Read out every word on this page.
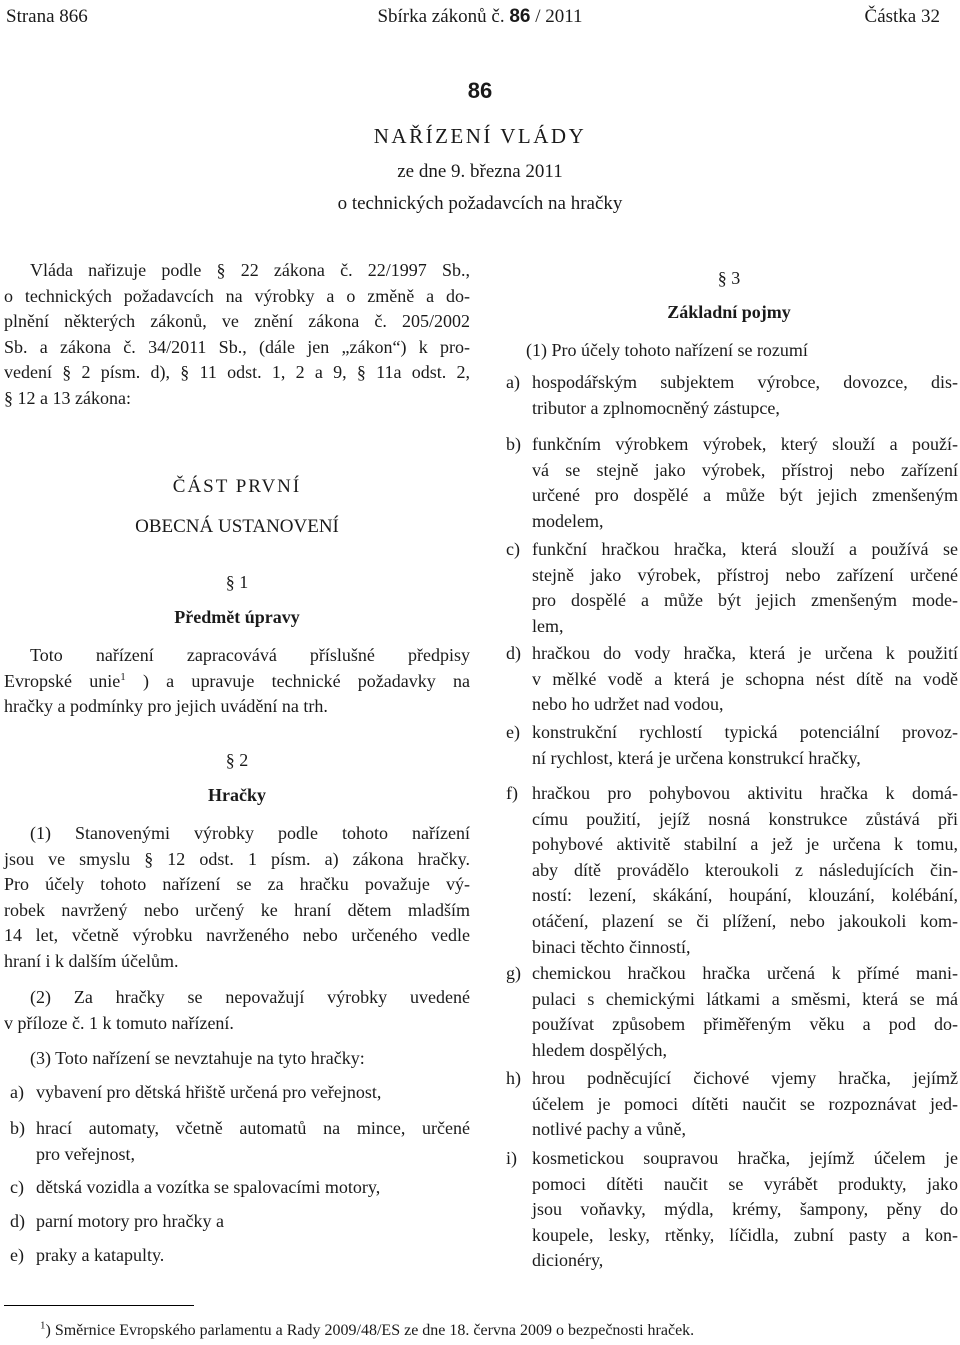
Strana 866	Sbírka zákonů č. 86 / 2011	Částka 32
86
NAŘÍZENÍ VLÁDY
ze dne 9. března 2011
o technických požadavcích na hračky

Vláda nařizuje podle § 22 zákona č. 22/1997 Sb.,
o technických požadavcích na výrobky a o změně a do-
plnění některých zákonů, ve znění zákona č. 205/2002
Sb. a zákona č. 34/2011 Sb., (dále jen „zákon“) k pro-
vedení § 2 písm. d), § 11 odst. 1, 2 a 9, § 11a odst. 2,
§ 12 a 13 zákona:

ČÁST PRVNÍ
OBECNÁ USTANOVENÍ
§ 1
Předmět úpravy

Toto nařízení zapracovává příslušné předpisy
Evropské unie$^1$ ) a upravuje technické požadavky na
hračky a podmínky pro jejich uvádění na trh.

§ 2
Hračky

(1) Stanovenými výrobky podle tohoto nařízení
jsou ve smyslu § 12 odst. 1 písm. a) zákona hračky.
Pro účely tohoto nařízení se za hračku považuje vý-
robek navržený nebo určený ke hraní dětem mladším
14 let, včetně výrobku navrženého nebo určeného vedle
hraní i k dalším účelům.

(2) Za hračky se nepovažují výrobky uvedené
v příloze č. 1 k tomuto nařízení.

(3) Toto nařízení se nevztahuje na tyto hračky:

a) vybavení pro dětská hřiště určená pro veřejnost,
b) hrací automaty, včetně automatů na mince, určené
pro veřejnost,
c) dětská vozidla a vozítka se spalovacími motory,
d) parní motory pro hračky a
e) praky a katapulty.
§ 3
Základní pojmy

(1) Pro účely tohoto nařízení se rozumí

a) hospodářským subjektem výrobce, dovozce, dis-
tributor a zplnomocněný zástupce,
b) funkčním výrobkem výrobek, který slouží a použí-
vá se stejně jako výrobek, přístroj nebo zařízení
určené pro dospělé a může být jejich zmenšeným
modelem,
c) funkční hračkou hračka, která slouží a používá se
stejně jako výrobek, přístroj nebo zařízení určené
pro dospělé a může být jejich zmenšeným mode-
lem,
d) hračkou do vody hračka, která je určena k použití
v mělké vodě a která je schopna nést dítě na vodě
nebo ho udržet nad vodou,
e) konstrukční rychlostí typická potenciální provoz-
ní rychlost, která je určena konstrukcí hračky,
f) hračkou pro pohybovou aktivitu hračka k domá-
címu použití, jejíž nosná konstrukce zůstává při
pohybové aktivitě stabilní a jež je určena k tomu,
aby dítě provádělo kteroukoli z následujících čin-
ností: lezení, skákání, houpání, klouzání, kolébání,
otáčení, plazení se či plížení, nebo jakoukoli kom-
binaci těchto činností,
g) chemickou hračkou hračka určená k přímé mani-
pulaci s chemickými látkami a směsmi, která se má
používat způsobem přiměřeným věku a pod do-
hledem dospělých,
h) hrou podněcující čichové vjemy hračka, jejímž
účelem je pomoci dítěti naučit se rozpoznávat jed-
notlivé pachy a vůně,
i) kosmetickou soupravou hračka, jejímž účelem je
pomoci dítěti naučit se vyrábět produkty, jako
jsou voňavky, mýdla, krémy, šampony, pěny do
koupele, lesky, rtěnky, líčidla, zubní pasty a kon-
dicionéry,
$^1$) Směrnice Evropského parlamentu a Rady 2009/48/ES ze dne 18. června 2009 o bezpečnosti hraček.
